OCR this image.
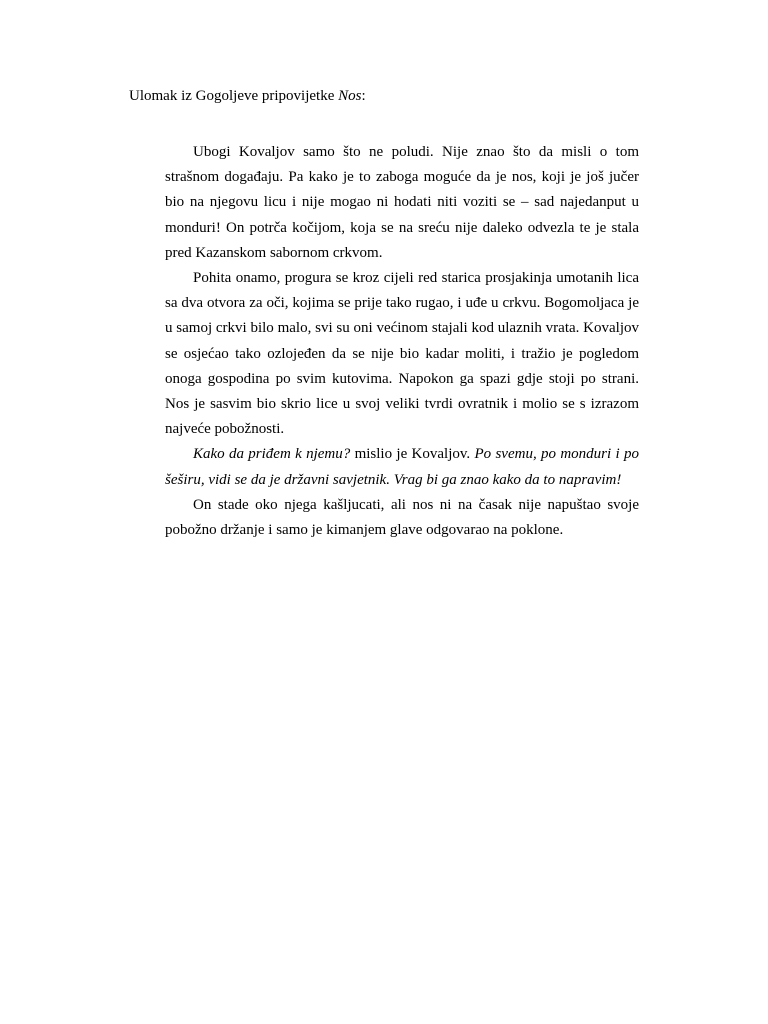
Ulomak iz Gogoljeve pripovijetke Nos:

Ubogi Kovaljov samo što ne poludi. Nije znao što da misli o tom strašnom događaju. Pa kako je to zaboga moguće da je nos, koji je još jučer bio na njegovu licu i nije mogao ni hodati niti voziti se – sad najedanput u monduri! On potrča kočijom, koja se na sreću nije daleko odvezla te je stala pred Kazanskom sabornom crkvom.

Pohita onamo, progura se kroz cijeli red starica prosjakinja umotanih lica sa dva otvora za oči, kojima se prije tako rugao, i uđe u crkvu. Bogomoljaca je u samoj crkvi bilo malo, svi su oni većinom stajali kod ulaznih vrata. Kovaljov se osjećao tako ozlojeđen da se nije bio kadar moliti, i tražio je pogledom onoga gospodina po svim kutovima. Napokon ga spazi gdje stoji po strani. Nos je sasvim bio skrio lice u svoj veliki tvrdi ovratnik i molio se s izrazom najveće pobožnosti.

Kako da priđem k njemu? mislio je Kovaljov. Po svemu, po monduri i po šeširu, vidi se da je državni savjetnik. Vrag bi ga znao kako da to napravim!

On stade oko njega kašljucati, ali nos ni na časak nije napuštao svoje pobožno držanje i samo je kimanjem glave odgovarao na poklone.
